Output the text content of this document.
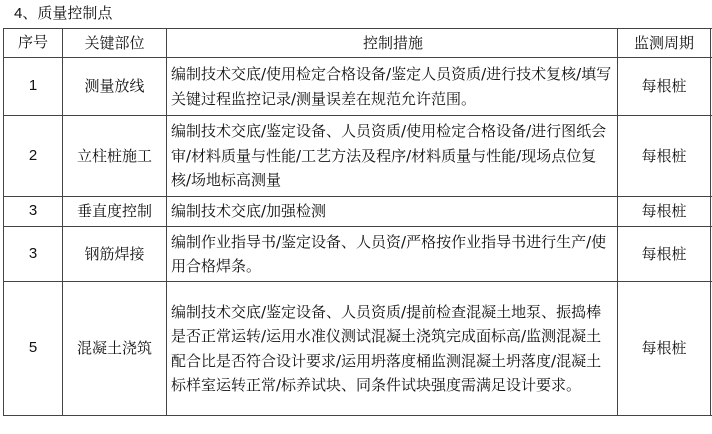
4、质量控制点
序号	关键部位	控制措施	监测周期	
1	测量放线	编制技术交底/使用检定合格设备/鉴定人员资质/进行技术复核/填写关键过程监控记录/测量误差在规范允许范围。	每根桩	
2	立柱桩施工	编制技术交底/鉴定设备、人员资质/使用检定合格设备/进行图纸会审/材料质量与性能/工艺方法及程序/材料质量与性能/现场点位复核/场地标高测量	每根桩	
3	垂直度控制	编制技术交底/加强检测	每根桩	
3	钢筋焊接	编制作业指导书/鉴定设备、人员资/严格按作业指导书进行生产/使用合格焊条。	每根桩	
5	混凝土浇筑	编制技术交底/鉴定设备、人员资质/提前检查混凝土地泵、振捣棒是否正常运转/运用水准仪测试混凝土浇筑完成面标高/监测混凝土配合比是否符合设计要求/运用坍落度桶监测混凝土坍落度/混凝土标样室运转正常/标养试块、同条件试块强度需满足设计要求。	每根桩	
